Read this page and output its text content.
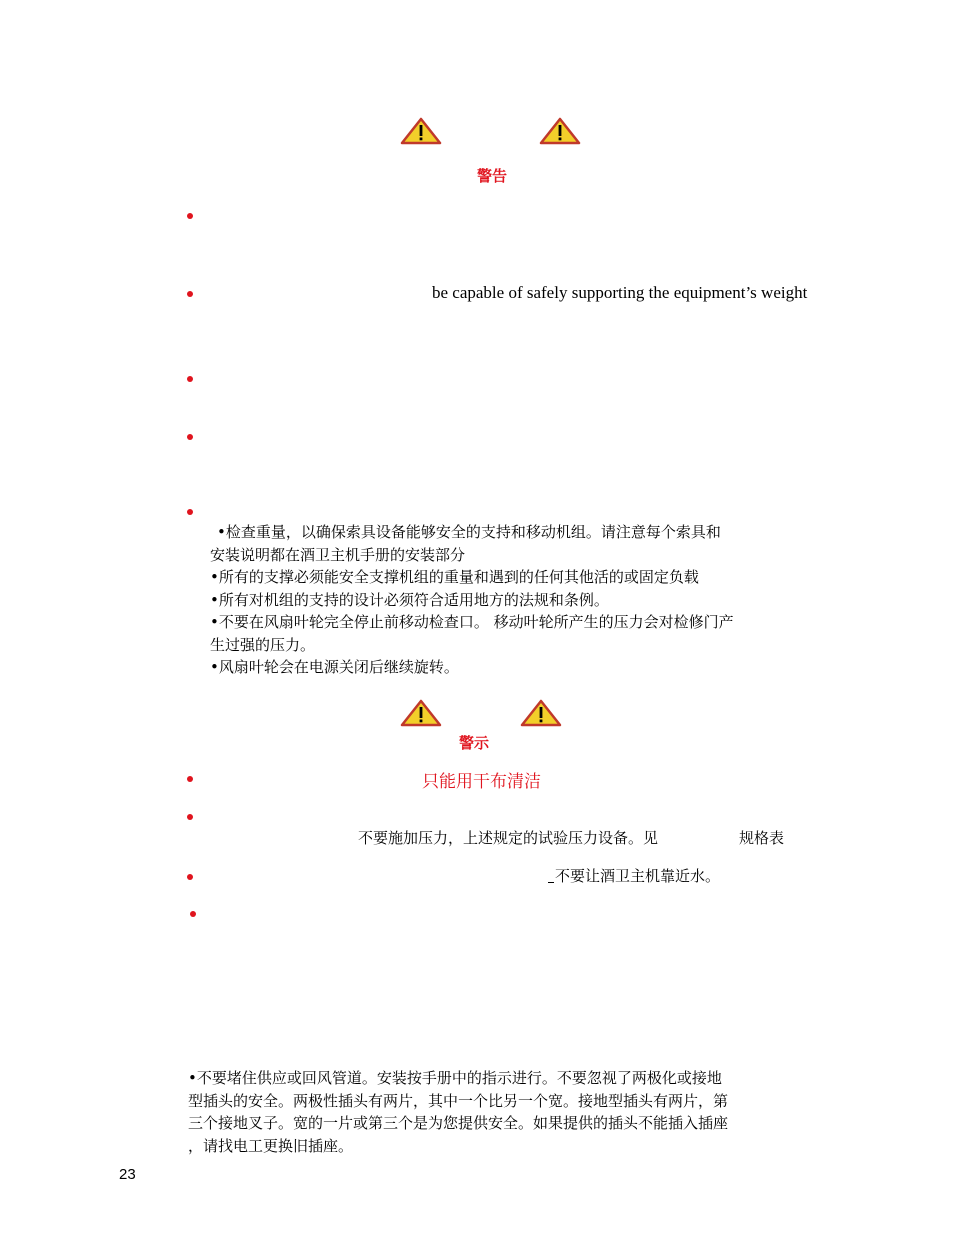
警告
be capable of safely supporting the equipment’s weight
•检查重量，以确保索具设备能够安全的支持和移动机组。请注意每个索具和
安装说明都在酒卫主机手册的安装部分
•所有的支撑必须能安全支撑机组的重量和遇到的任何其他活的或固定负载
•所有对机组的支持的设计必须符合适用地方的法规和条例。
•不要在风扇叶轮完全停止前移动检查口。 移动叶轮所产生的压力会对检修门产
生过强的压力。
•风扇叶轮会在电源关闭后继续旋转。
警示
只能用干布清洁
不要施加压力，上述规定的试验压力设备。见	规格表
不要让酒卫主机靠近水。
•不要堵住供应或回风管道。安装按手册中的指示进行。不要忽视了两极化或接地
型插头的安全。两极性插头有两片，其中一个比另一个宽。接地型插头有两片，第
三个接地叉子。宽的一片或第三个是为您提供安全。如果提供的插头不能插入插座
，请找电工更换旧插座。
23
